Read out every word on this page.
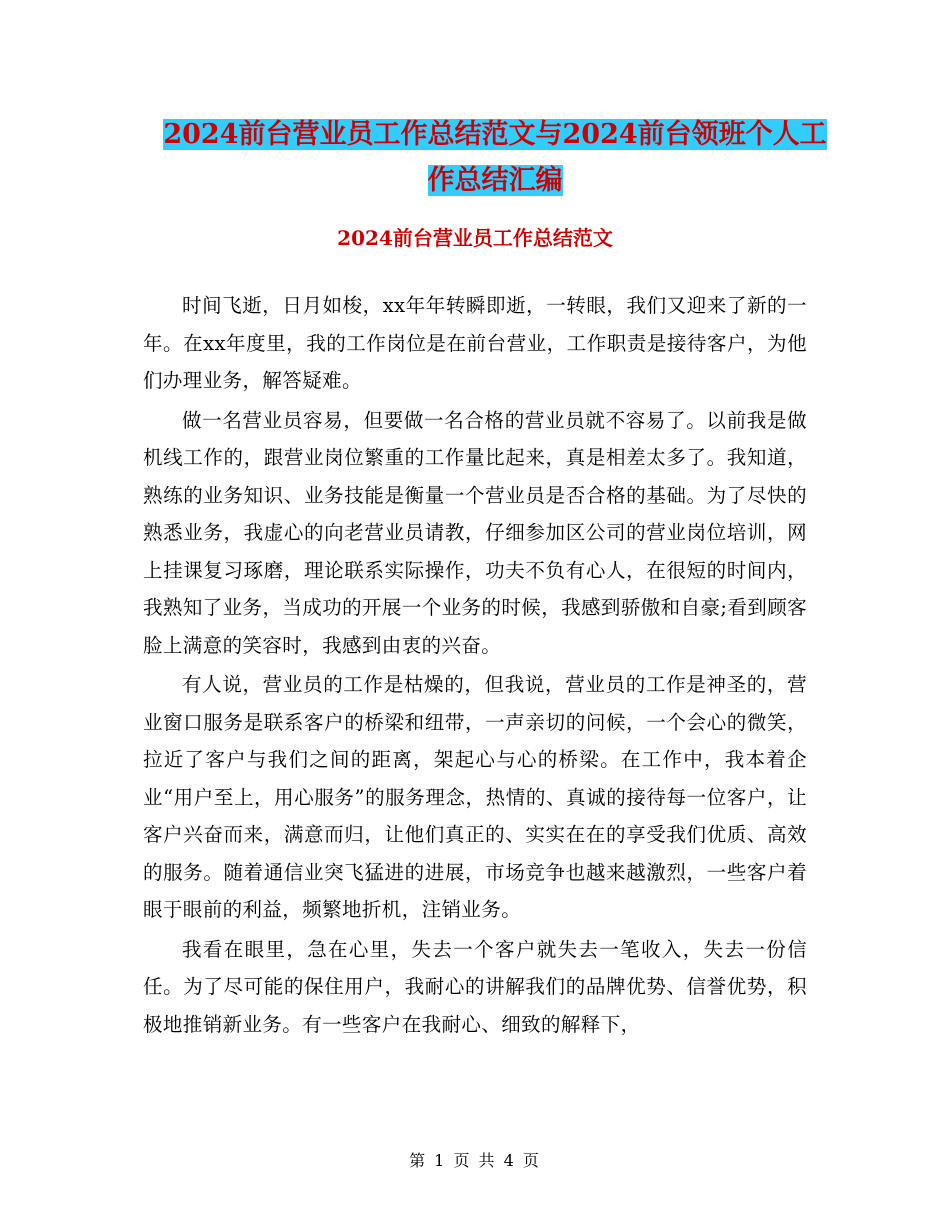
2024前台营业员工作总结范文与2024前台领班个人工
作总结汇编
2024前台营业员工作总结范文

时间飞逝，日月如梭，xx年年转瞬即逝，一转眼，我们又迎来了新的一年。在xx年度里，我的工作岗位是在前台营业，工作职责是接待客户，为他们办理业务，解答疑难。

做一名营业员容易，但要做一名合格的营业员就不容易了。以前我是做机线工作的，跟营业岗位繁重的工作量比起来，真是相差太多了。我知道，熟练的业务知识、业务技能是衡量一个营业员是否合格的基础。为了尽快的熟悉业务，我虚心的向老营业员请教，仔细参加区公司的营业岗位培训，网上挂课复习琢磨，理论联系实际操作，功夫不负有心人，在很短的时间内，我熟知了业务，当成功的开展一个业务的时候，我感到骄傲和自豪;看到顾客脸上满意的笑容时，我感到由衷的兴奋。

有人说，营业员的工作是枯燥的，但我说，营业员的工作是神圣的，营业窗口服务是联系客户的桥梁和纽带，一声亲切的问候，一个会心的微笑，拉近了客户与我们之间的距离，架起心与心的桥梁。在工作中，我本着企业“用户至上，用心服务”的服务理念，热情的、真诚的接待每一位客户，让客户兴奋而来，满意而归，让他们真正的、实实在在的享受我们优质、高效的服务。随着通信业突飞猛进的进展，市场竞争也越来越激烈，一些客户着眼于眼前的利益，频繁地折机，注销业务。

我看在眼里，急在心里，失去一个客户就失去一笔收入，失去一份信任。为了尽可能的保住用户，我耐心的讲解我们的品牌优势、信誉优势，积极地推销新业务。有一些客户在我耐心、细致的解释下，

第 1 页 共 4 页
